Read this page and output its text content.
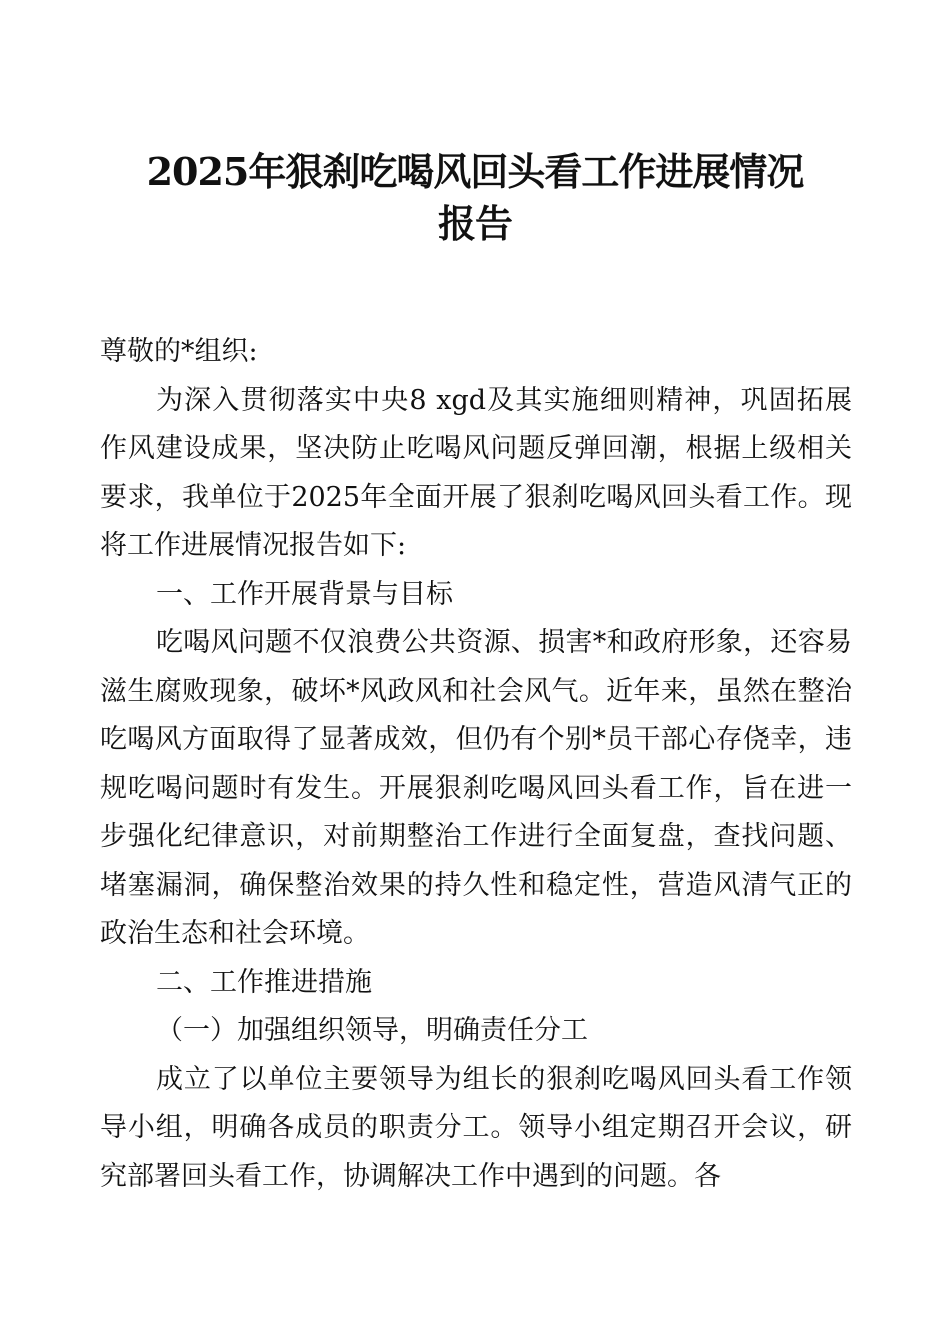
2025年狠刹吃喝风回头看工作进展情况
报告

尊敬的*组织:

为深入贯彻落实中央8 xgd及其实施细则精神，巩固拓展作风建设成果，坚决防止吃喝风问题反弹回潮，根据上级相关要求，我单位于2025年全面开展了狠刹吃喝风回头看工作。现将工作进展情况报告如下:

一、工作开展背景与目标

吃喝风问题不仅浪费公共资源、损害*和政府形象，还容易滋生腐败现象，破坏*风政风和社会风气。近年来，虽然在整治吃喝风方面取得了显著成效，但仍有个别*员干部心存侥幸，违规吃喝问题时有发生。开展狠刹吃喝风回头看工作，旨在进一步强化纪律意识，对前期整治工作进行全面复盘，查找问题、堵塞漏洞，确保整治效果的持久性和稳定性，营造风清气正的政治生态和社会环境。

二、工作推进措施

（一）加强组织领导，明确责任分工

成立了以单位主要领导为组长的狠刹吃喝风回头看工作领导小组，明确各成员的职责分工。领导小组定期召开会议，研究部署回头看工作，协调解决工作中遇到的问题。各
